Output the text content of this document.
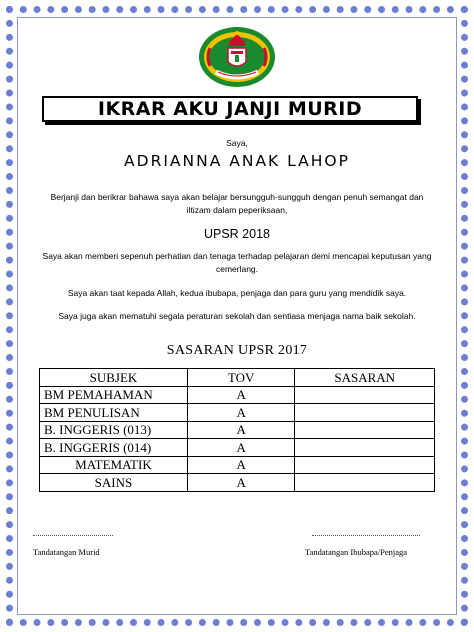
IKRAR AKU JANJI MURID
Saya,
ADRIANNA ANAK LAHOP
Berjanji dan berikrar bahawa saya akan belajar bersungguh-sungguh dengan penuh semangat dan iltizam dalam peperiksaan,
UPSR 2018
Saya akan memberi sepenuh perhatian dan tenaga terhadap pelajaran demi mencapai keputusan yang cemerlang.
Saya akan taat kepada Allah, kedua ibubapa, penjaga dan para guru yang mendidik saya.
Saya juga akan mematuhi segala peraturan sekolah dan sentiasa menjaga nama baik sekolah.
SASARAN UPSR 2017
SUBJEK	TOV	SASARAN
BM PEMAHAMAN	A	
BM PENULISAN	A	
B. INGGERIS (013)	A	
B. INGGERIS (014)	A	
MATEMATIK	A	
SAINS	A	
Tandatangan Murid	Tandatangan Ibubapa/Penjaga
